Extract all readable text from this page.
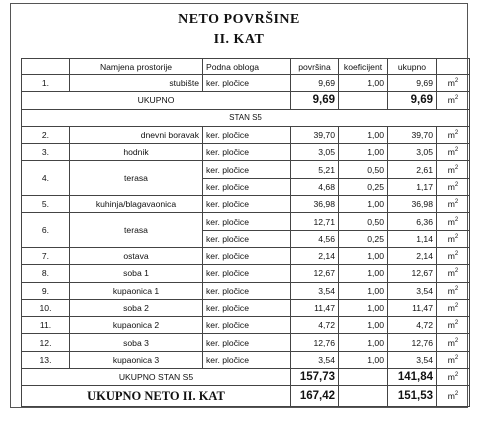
NETO POVRŠINE
II. KAT
	Namjena prostorije	Podna obloga	površina	koeficijent	ukupno	
1.	stubište	ker. pločice	9,69	1,00	9,69	$m^2$
UKUPNO			9,69		9,69	$m^2$
STAN S5						
2.	dnevni boravak	ker. pločice	39,70	1,00	39,70	$m^2$
3.	hodnik	ker. pločice	3,05	1,00	3,05	$m^2$
4.	terasa	ker. pločice	5,21	0,50	2,61	$m^2$
		ker. pločice	4,68	0,25	1,17	$m^2$
5.	kuhinja/blagavaonica	ker. pločice	36,98	1,00	36,98	$m^2$
6.	terasa	ker. pločice	12,71	0,50	6,36	$m^2$
		ker. pločice	4,56	0,25	1,14	$m^2$
7.	ostava	ker. pločice	2,14	1,00	2,14	$m^2$
8.	soba 1	ker. pločice	12,67	1,00	12,67	$m^2$
9.	kupaonica 1	ker. pločice	3,54	1,00	3,54	$m^2$
10.	soba 2	ker. pločice	11,47	1,00	11,47	$m^2$
11.	kupaonica 2	ker. pločice	4,72	1,00	4,72	$m^2$
12.	soba 3	ker. pločice	12,76	1,00	12,76	$m^2$
13.	kupaonica 3	ker. pločice	3,54	1,00	3,54	$m^2$
UKUPNO STAN S5			157,73		141,84	$m^2$
UKUPNO NETO II. KAT			167,42		151,53	$m^2$
